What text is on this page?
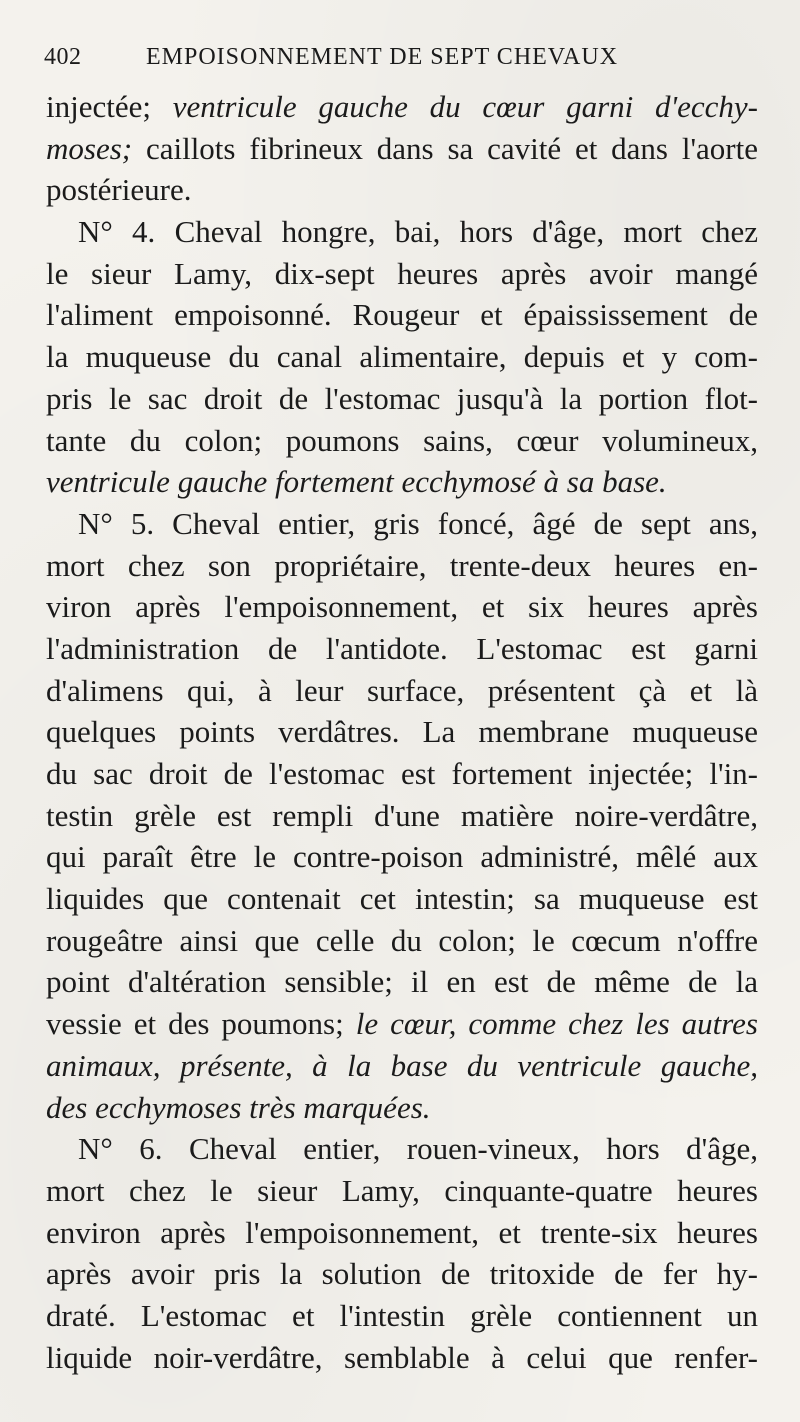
402	EMPOISONNEMENT DE SEPT CHEVAUX
injectée; ventricule gauche du cœur garni d'ecchy-
moses; caillots fibrineux dans sa cavité et dans l'aorte
postérieure.
N° 4. Cheval hongre, bai, hors d'âge, mort chez
le sieur Lamy, dix-sept heures après avoir mangé
l'aliment empoisonné. Rougeur et épaississement de
la muqueuse du canal alimentaire, depuis et y com-
pris le sac droit de l'estomac jusqu'à la portion flot-
tante du colon; poumons sains, cœur volumineux,
ventricule gauche fortement ecchymosé à sa base.
N° 5. Cheval entier, gris foncé, âgé de sept ans,
mort chez son propriétaire, trente-deux heures en-
viron après l'empoisonnement, et six heures après
l'administration de l'antidote. L'estomac est garni
d'alimens qui, à leur surface, présentent çà et là
quelques points verdâtres. La membrane muqueuse
du sac droit de l'estomac est fortement injectée; l'in-
testin grèle est rempli d'une matière noire-verdâtre,
qui paraît être le contre-poison administré, mêlé aux
liquides que contenait cet intestin; sa muqueuse est
rougeâtre ainsi que celle du colon; le cœcum n'offre
point d'altération sensible; il en est de même de la
vessie et des poumons; le cœur, comme chez les autres
animaux, présente, à la base du ventricule gauche,
des ecchymoses très marquées.
N° 6. Cheval entier, rouen-vineux, hors d'âge,
mort chez le sieur Lamy, cinquante-quatre heures
environ après l'empoisonnement, et trente-six heures
après avoir pris la solution de tritoxide de fer hy-
draté. L'estomac et l'intestin grèle contiennent un
liquide noir-verdâtre, semblable à celui que renfer-
